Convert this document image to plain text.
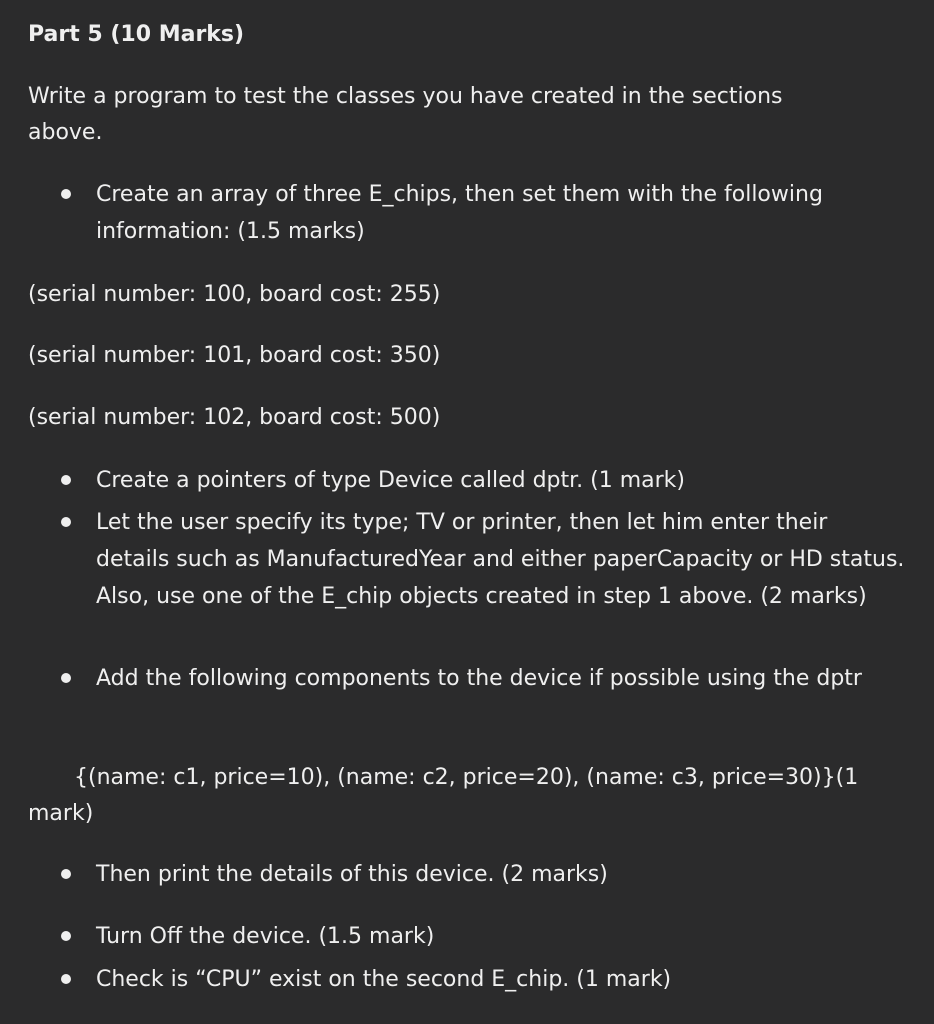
Part 5 (10 Marks)
Write a program to test the classes you have created in the sections above.
Create an array of three E_chips, then set them with the following information: (1.5 marks)
(serial number: 100, board cost: 255)
(serial number: 101, board cost: 350)
(serial number: 102, board cost: 500)
Create a pointers of type Device called dptr. (1 mark)
Let the user specify its type; TV or printer, then let him enter their details such as ManufacturedYear and either paperCapacity or HD status. Also, use one of the E_chip objects created in step 1 above. (2 marks)
Add the following components to the device if possible using the dptr
{(name: c1, price=10), (name: c2, price=20), (name: c3, price=30)}(1 mark)
Then print the details of this device. (2 marks)
Turn Off the device. (1.5 mark)
Check is “CPU” exist on the second E_chip. (1 mark)
